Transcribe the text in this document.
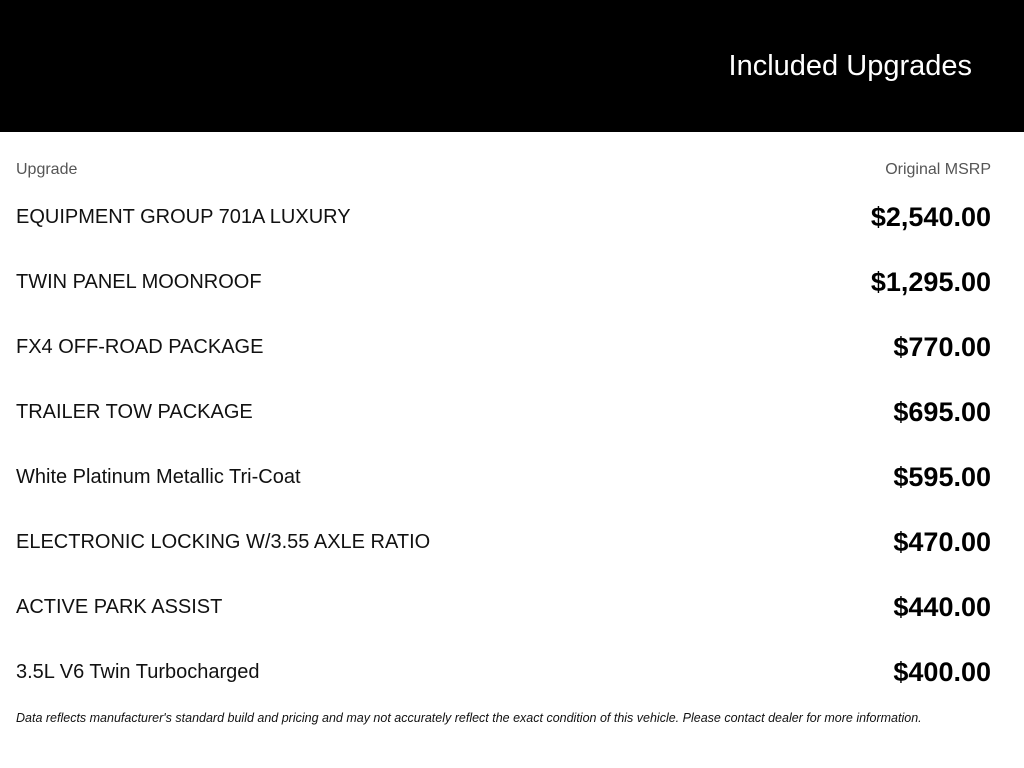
Included Upgrades
Upgrade	Original MSRP
EQUIPMENT GROUP 701A LUXURY	$2,540.00
TWIN PANEL MOONROOF	$1,295.00
FX4 OFF-ROAD PACKAGE	$770.00
TRAILER TOW PACKAGE	$695.00
White Platinum Metallic Tri-Coat	$595.00
ELECTRONIC LOCKING W/3.55 AXLE RATIO	$470.00
ACTIVE PARK ASSIST	$440.00
3.5L V6 Twin Turbocharged	$400.00
Data reflects manufacturer's standard build and pricing and may not accurately reflect the exact condition of this vehicle. Please contact dealer for more information.
